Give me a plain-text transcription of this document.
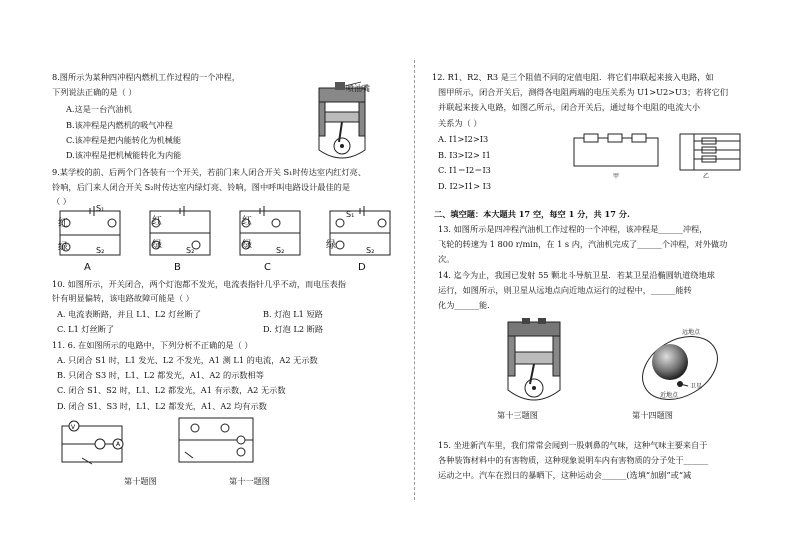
8.图所示为某种四冲程内燃机工作过程的一个冲程，
下列说法正确的是（ ）
A.这是一台汽油机
B.该冲程是内燃机的吸气冲程
C.该冲程是把内能转化为机械能
D.该冲程是把机械能转化为内能
喷油嘴
9.某学校的前、后两个门各装有一个开关，若前门来人闭合开关 S₁时传达室内红灯亮、
铃响，后门来人闭合开关 S₂时传达室内绿灯亮、铃响，图中呼叫电路设计最佳的是
（ ）
红
绿
S₁
S₂
红
绿	S₂
红
绿	S₂
S₁
绿	S₂
A	B	C	D
10. 如图所示，开关闭合，两个灯泡都不发光，电流表指针几乎不动，而电压表指
针有明显偏转，该电路故障可能是（ ）
A. 电流表断路，并且 L1、L2 灯丝断了	B. 灯泡 L1 短路
C. L1 灯丝断了	D. 灯泡 L2 断路
11. 6. 在如图所示的电路中，下列分析不正确的是（ ）
A. 只闭合 S1 时，L1 发光、L2 不发光，A1 测 L1 的电流，A2 无示数
B. 只闭合 S3 时，L1、L2 都发光，A1、A2 的示数相等
C. 闭合 S1、S2 时，L1、L2 都发光，A1 有示数，A2 无示数
D. 闭合 S1、S3 时，L1、L2 都发光，A1、A2 均有示数
V
A
第十题图	第十一题图
12. R1、R2、R3 是三个阻值不同的定值电阻．将它们串联起来接入电路，如
图甲所示，闭合开关后，测得各电阻两端的电压关系为 U1>U2>U3；若将它们
并联起来接入电路，如图乙所示，闭合开关后，通过每个电阻的电流大小
关系为（ ）
A. I1>I2>I3
B. I3>I2> I1
C. I1＝I2＝I3
D. I2>I1> I3
甲	乙
二、填空题：本大题共 17 空，每空 1 分，共 17 分.
13. 如图所示是四冲程汽油机工作过程的一个冲程，该冲程是______冲程，
飞轮的转速为 1 800 r/min，在 1 s 内，汽油机完成了______个冲程，对外做功
次。
14. 迄今为止，我国已发射 55 颗北斗导航卫星．若某卫星沿椭圆轨道绕地球
运行，如图所示，则卫星从远地点向近地点运行的过程中，______能转
化为______能．
远地点
近地点
卫星
第十三题图	第十四题图
15. 坐进新汽车里，我们常常会闻到一股刺鼻的气味，这种气味主要来自于
各种装饰材料中的有害物质，这种现象说明车内有害物质的分子处于______
运动之中。汽车在烈日的暴晒下，这种运动会______(选填“加剧”或“减
